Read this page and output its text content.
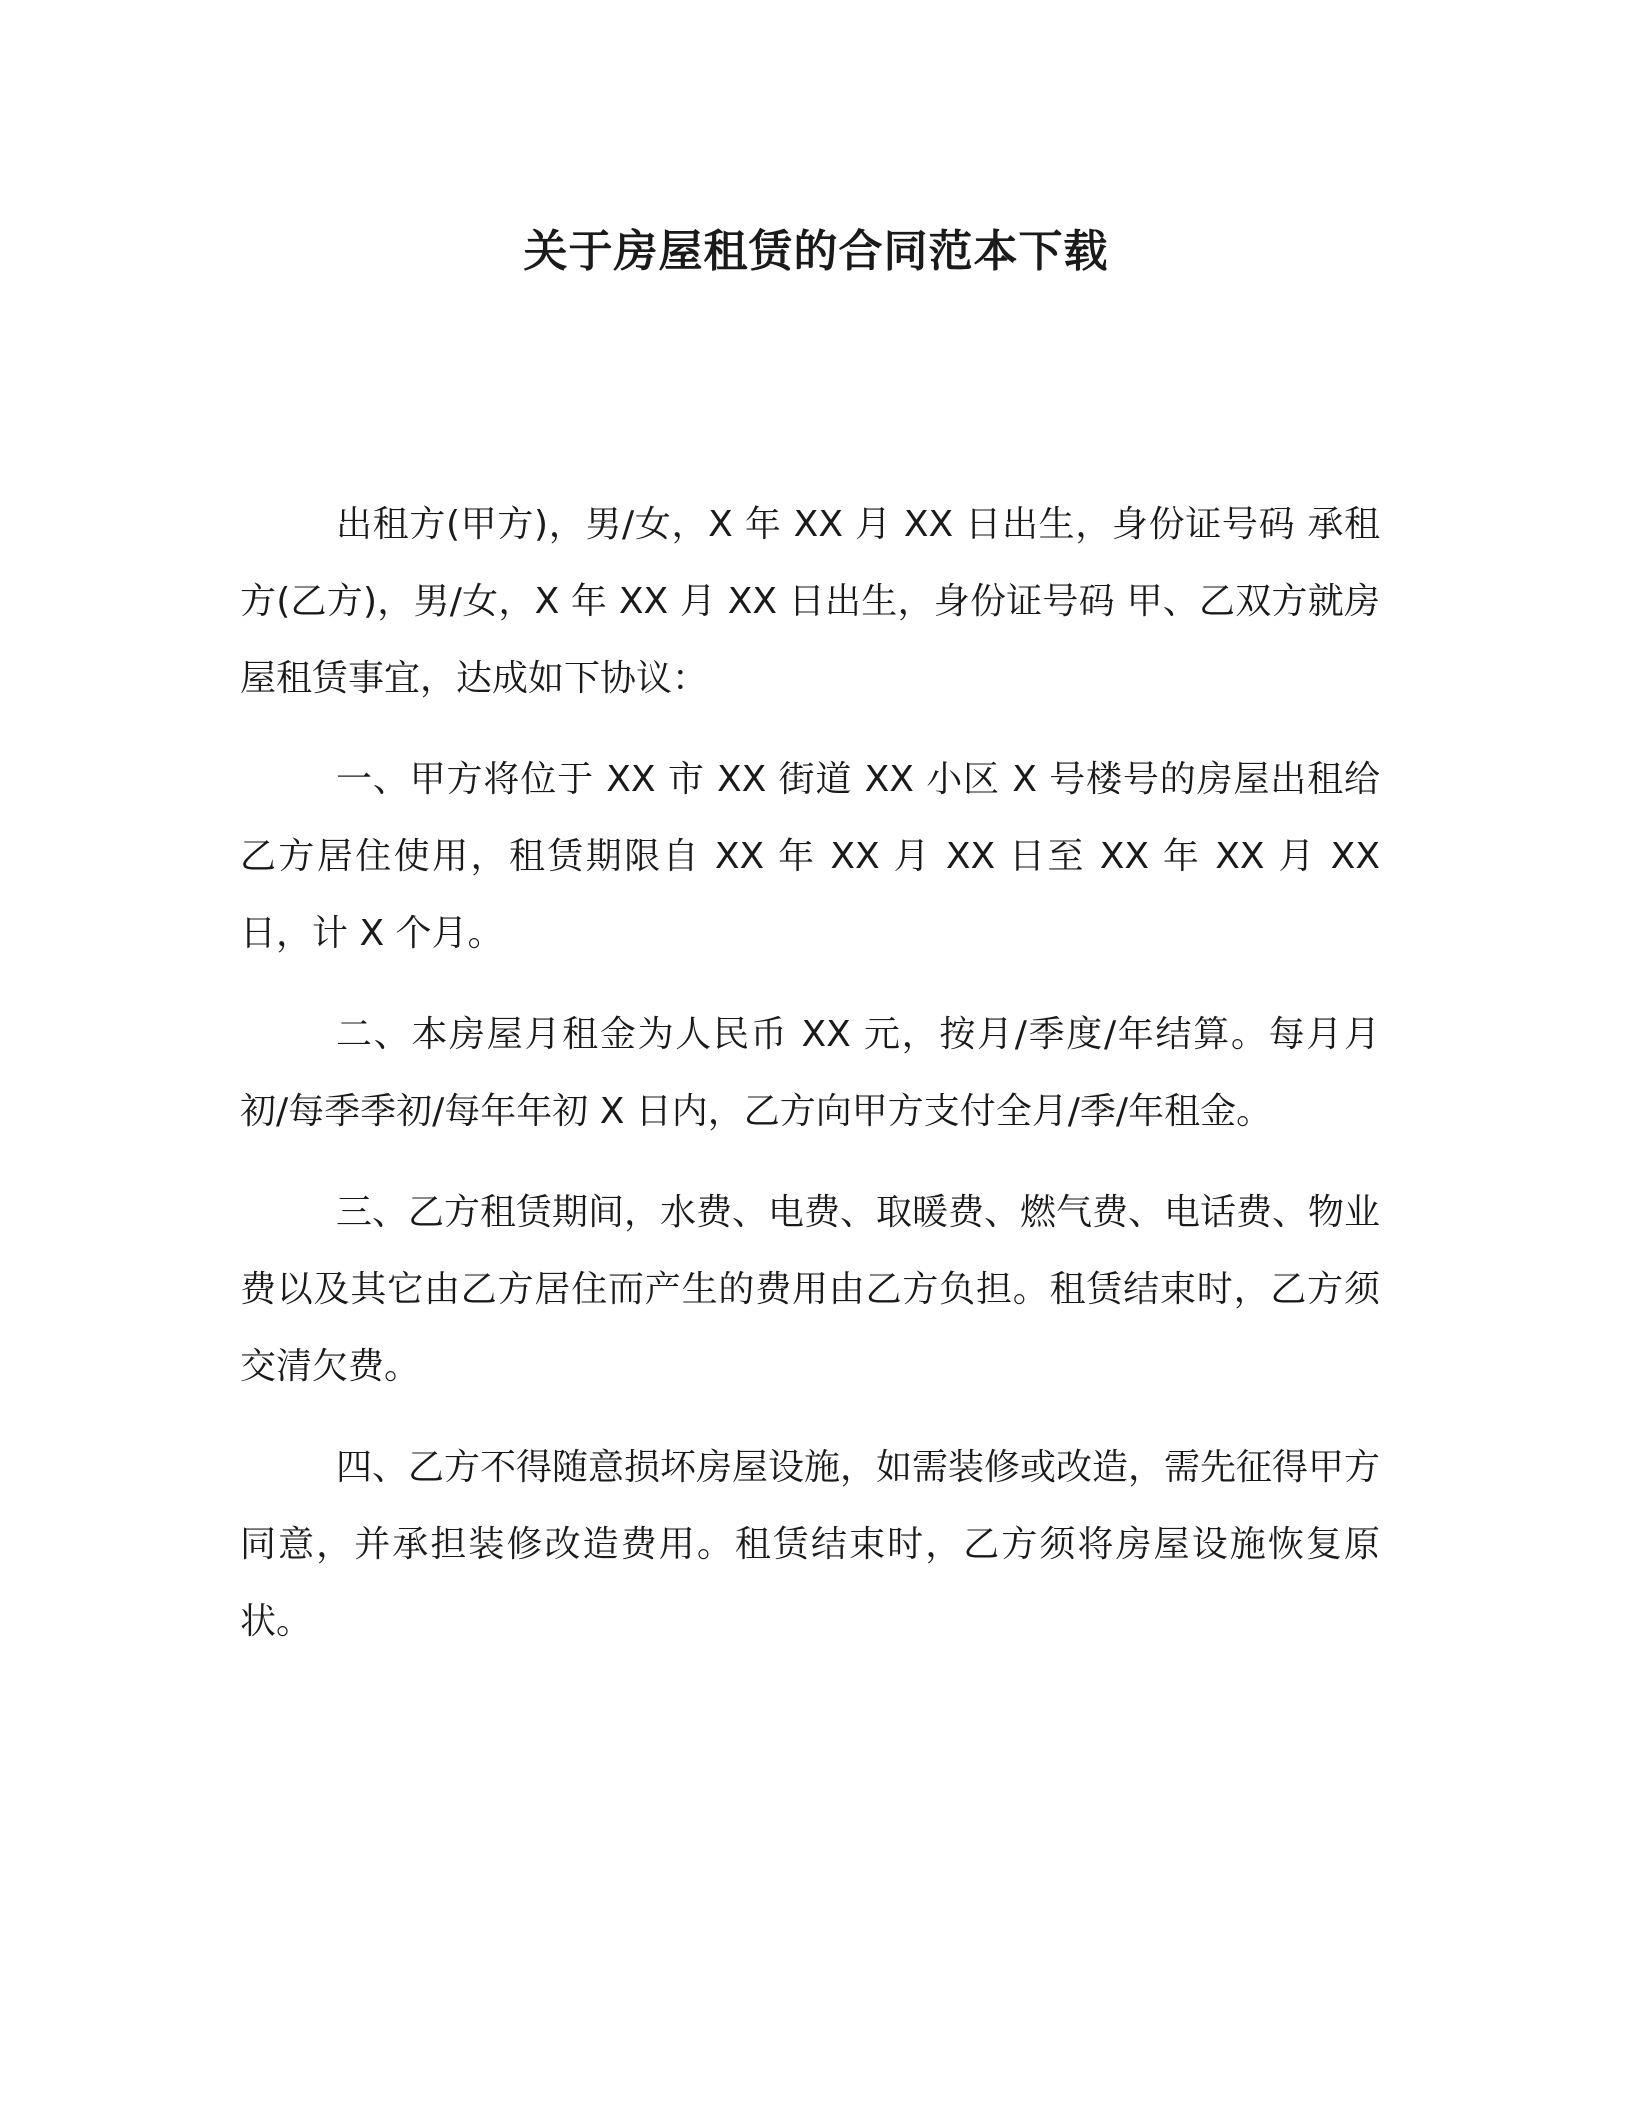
关于房屋租赁的合同范本下载

出租方(甲方)，男/女，X 年 XX 月 XX 日出生，身份证号码 承租方(乙方)，男/女，X 年 XX 月 XX 日出生，身份证号码 甲、乙双方就房屋租赁事宜，达成如下协议：

一、甲方将位于 XX 市 XX 街道 XX 小区 X 号楼号的房屋出租给乙方居住使用，租赁期限自 XX 年 XX 月 XX 日至 XX 年 XX 月 XX 日，计 X 个月。

二、本房屋月租金为人民币 XX 元，按月/季度/年结算。每月月初/每季季初/每年年初 X 日内，乙方向甲方支付全月/季/年租金。

三、乙方租赁期间，水费、电费、取暖费、燃气费、电话费、物业费以及其它由乙方居住而产生的费用由乙方负担。租赁结束时，乙方须交清欠费。

四、乙方不得随意损坏房屋设施，如需装修或改造，需先征得甲方同意，并承担装修改造费用。租赁结束时，乙方须将房屋设施恢复原状。
